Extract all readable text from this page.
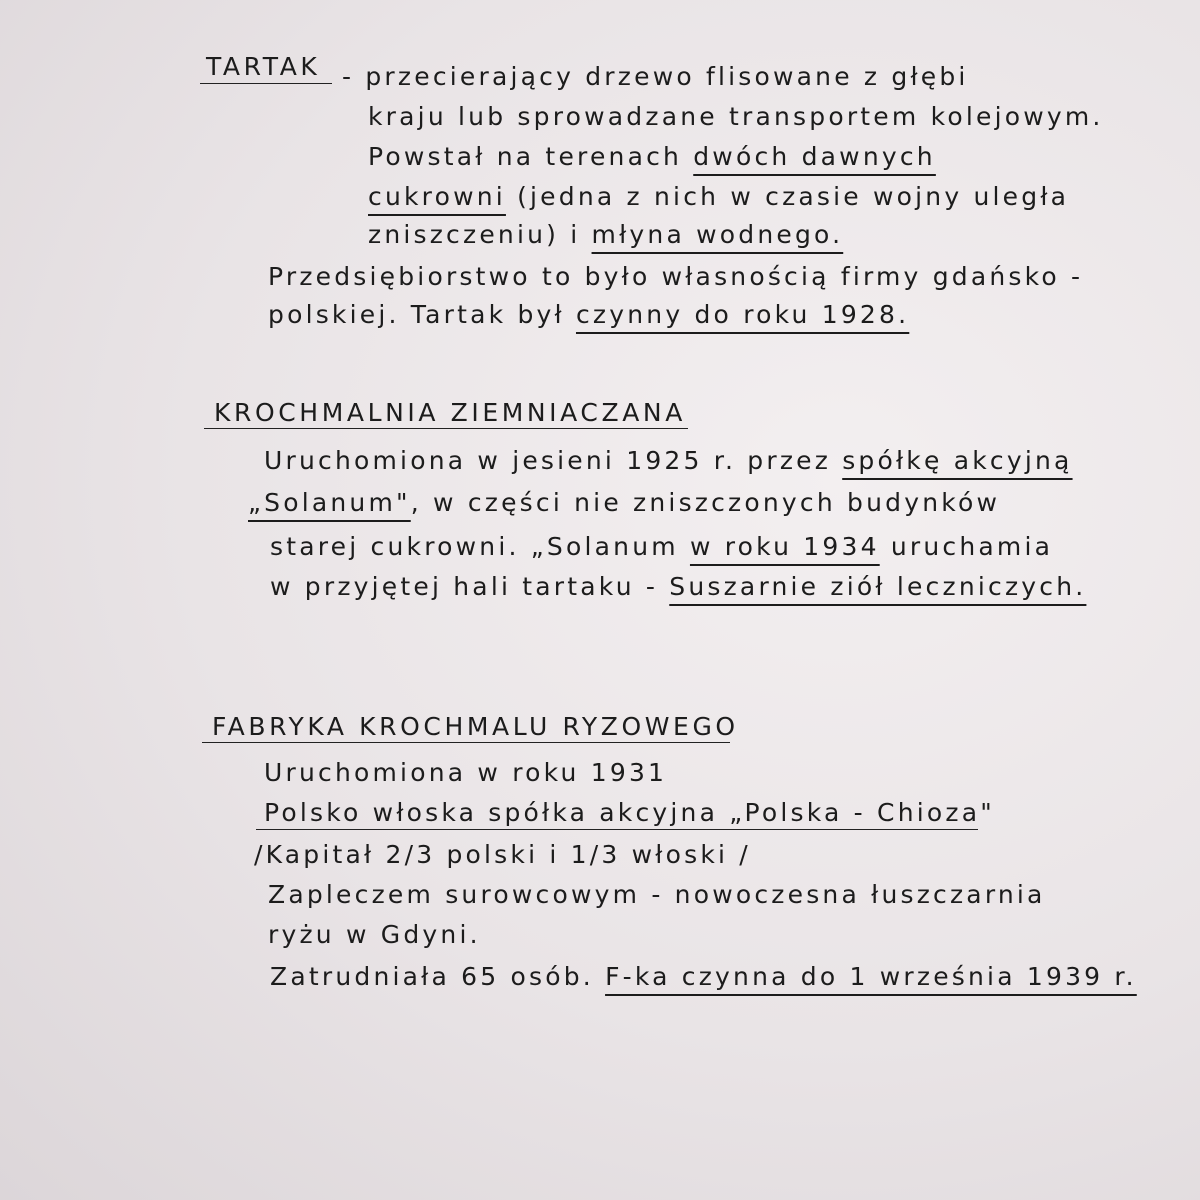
TARTAK - przecierający drzewo flisowane z głębi
kraju lub sprowadzane transportem kolejowym.
Powstał na terenach dwóch dawnych
cukrowni (jedna z nich w czasie wojny uległa
zniszczeniu) i młyna wodnego.
Przedsiębiorstwo to było własnością firmy gdańsko -
polskiej. Tartak był czynny do roku 1928.
KROCHMALNIA ZIEMNIACZANA
Uruchomiona w jesieni 1925 r. przez spółkę akcyjną
„Solanum", w części nie zniszczonych budynków
starej cukrowni. „Solanum w roku 1934 uruchamia
w przyjętej hali tartaku - Suszarnie ziół leczniczych.
FABRYKA KROCHMALU RYZOWEGO
Uruchomiona w roku 1931
Polsko włoska spółka akcyjna „Polska - Chioza"
/Kapitał 2/3 polski i 1/3 włoski /
Zapleczem surowcowym - nowoczesna łuszczarnia
ryżu w Gdyni.
Zatrudniała 65 osób. F-ka czynna do 1 września 1939 r.
